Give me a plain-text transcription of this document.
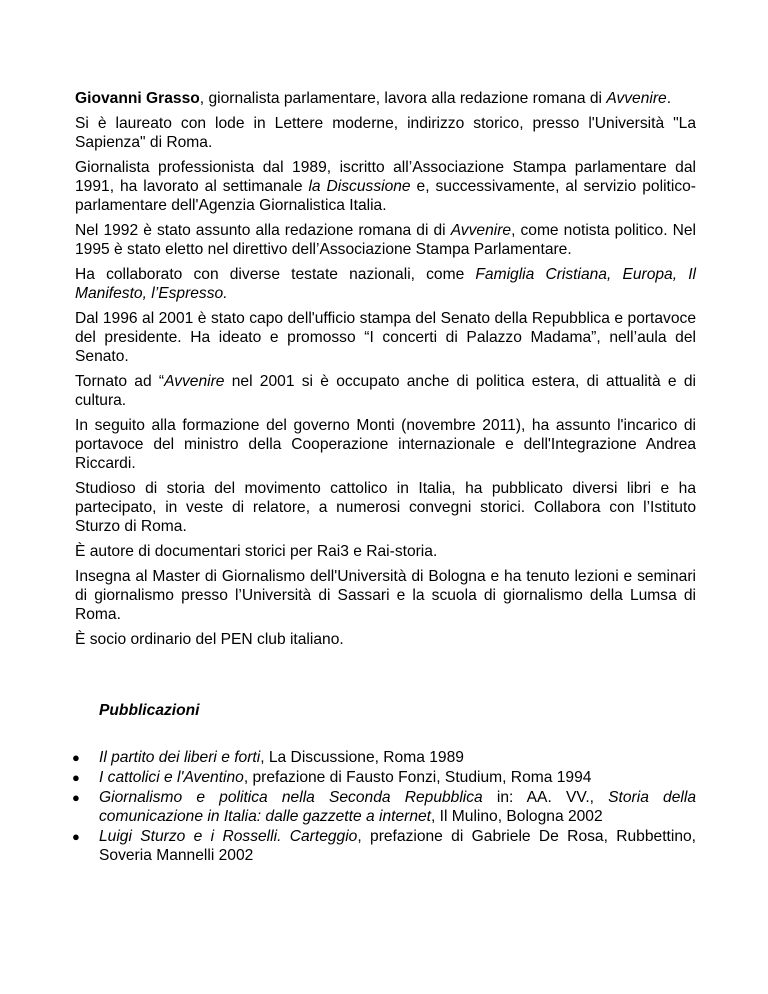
Giovanni Grasso, giornalista parlamentare, lavora alla redazione romana di Avvenire.

Si è laureato con lode in Lettere moderne, indirizzo storico, presso l'Università "La Sapienza" di Roma.

Giornalista professionista dal 1989, iscritto all’Associazione Stampa parlamentare dal 1991, ha lavorato al settimanale la Discussione e, successivamente, al servizio politico-parlamentare dell'Agenzia Giornalistica Italia.

Nel 1992 è stato assunto alla redazione romana di di Avvenire, come notista politico. Nel 1995 è stato eletto nel direttivo dell’Associazione Stampa Parlamentare.

Ha collaborato con diverse testate nazionali, come Famiglia Cristiana, Europa, Il Manifesto, l’Espresso.

Dal 1996 al 2001 è stato capo dell'ufficio stampa del Senato della Repubblica e portavoce del presidente. Ha ideato e promosso “I concerti di Palazzo Madama”, nell’aula del Senato.

Tornato ad “Avvenire nel 2001 si è occupato anche di politica estera, di attualità e di cultura.

In seguito alla formazione del governo Monti (novembre 2011), ha assunto l'incarico di portavoce del ministro della Cooperazione internazionale e dell'Integrazione Andrea Riccardi.

Studioso di storia del movimento cattolico in Italia, ha pubblicato diversi libri e ha partecipato, in veste di relatore, a numerosi convegni storici. Collabora con l’Istituto Sturzo di Roma.

È autore di documentari storici per Rai3 e Rai-storia.

Insegna al Master di Giornalismo dell'Università di Bologna e ha tenuto lezioni e seminari di giornalismo presso l’Università di Sassari e la scuola di giornalismo della Lumsa di Roma.

È socio ordinario del PEN club italiano.

Pubblicazioni
● Il partito dei liberi e forti, La Discussione, Roma 1989
● I cattolici e l'Aventino, prefazione di Fausto Fonzi, Studium, Roma 1994
● Giornalismo e politica nella Seconda Repubblica in: AA. VV., Storia della comunicazione in Italia: dalle gazzette a internet, Il Mulino, Bologna 2002
● Luigi Sturzo e i Rosselli. Carteggio, prefazione di Gabriele De Rosa, Rubbettino, Soveria Mannelli 2002
